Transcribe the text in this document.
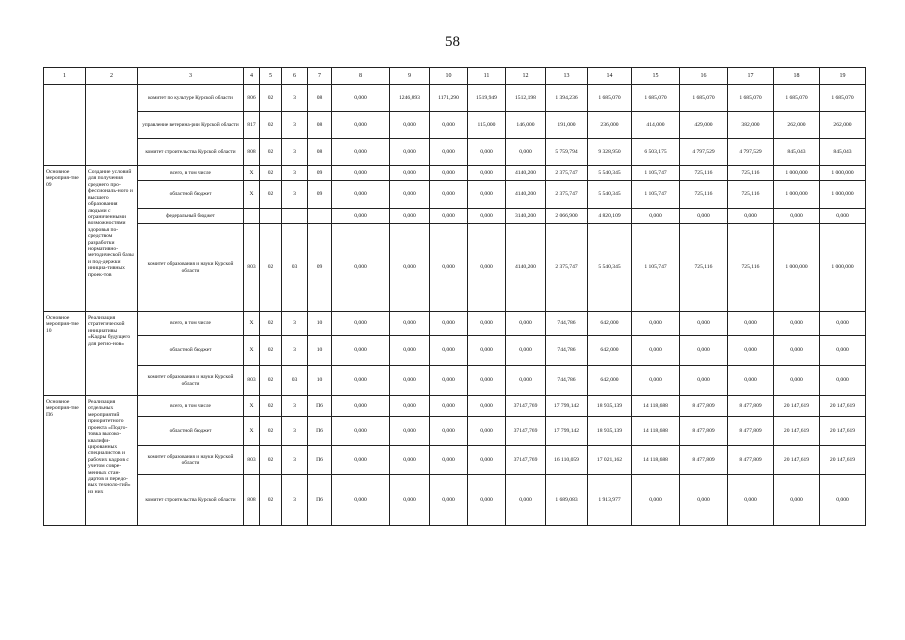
58
1	2	3	4	5	6	7	8	9	10	11	12	13	14	15	16	17	18	19
		комитет по культуре Курской области	806	02	3	08	0,000	1246,893	1171,290	1519,949	1512,198	1 394,236	1 685,070	1 685,070	1 685,070	1 685,070	1 685,070	1 685,070
		управление ветерина-рии Курской области	817	02	3	08	0,000	0,000	0,000	115,000	146,000	191,000	236,000	414,000	429,000	382,000	262,000	262,000
		комитет строительства Курской области	808	02	3	08	0,000	0,000	0,000	0,000	0,000	5 759,794	9 328,950	6 503,175	4 797,529	4 797,529	845,043	845,043
Основное мероприя-тие 09	Создание условий для получения среднего про-фессиональ-ного и высшего образования людьми с ограниченными возможностями здоровья по-средством разработки нормативно-методической базы и под-держки инициа-тивных проек-тов	всего, в том числе	X	02	3	09	0,000	0,000	0,000	0,000	4140,200	2 375,747	5 540,345	1 105,747	725,116	725,116	1 000,000	1 000,000
		областной бюджет	X	02	3	09	0,000	0,000	0,000	0,000	4140,200	2 375,747	5 540,345	1 105,747	725,116	725,116	1 000,000	1 000,000
		федеральный бюджет					0,000	0,000	0,000	0,000	3140,200	2 066,900	4 820,109	0,000	0,000	0,000	0,000	0,000
		комитет образования и науки Курской области	803	02	03	09	0,000	0,000	0,000	0,000	4140,200	2 375,747	5 540,345	1 105,747	725,116	725,116	1 000,000	1 000,000
Основное мероприя-тие 10	Реализация стратегической инициативы «Кадры будущего для регио-нов»	всего, в том числе	X	02	3	10	0,000	0,000	0,000	0,000	0,000	744,786	642,000	0,000	0,000	0,000	0,000	0,000
		областной бюджет	X	02	3	10	0,000	0,000	0,000	0,000	0,000	744,786	642,000	0,000	0,000	0,000	0,000	0,000
		комитет образования и науки Курской области	803	02	03	10	0,000	0,000	0,000	0,000	0,000	744,786	642,000	0,000	0,000	0,000	0,000	0,000
Основное мероприя-тие П6	Реализация отдельных мероприятий приоритетного проекта «Подго-товка высоко-квалифи-цированных специалистов и рабочих кадров с учетом совре-менных стан-дартов и передо-вых техноло-гий» из них	всего, в том числе	X	02	3	П6	0,000	0,000	0,000	0,000	37147,769	17 799,142	18 935,139	14 118,688	8 477,809	8 477,809	20 147,619	20 147,619
		областной бюджет	X	02	3	П6	0,000	0,000	0,000	0,000	37147,769	17 799,142	18 935,139	14 118,688	8 477,809	8 477,809	20 147,619	20 147,619
		комитет образования и науки Курской области	803	02	3	П6	0,000	0,000	0,000	0,000	37147,769	16 110,059	17 021,162	14 118,688	8 477,809	8 477,809	20 147,619	20 147,619
		комитет строительства Курской области	808	02	3	П6	0,000	0,000	0,000	0,000	0,000	1 689,083	1 913,977	0,000	0,000	0,000	0,000	0,000
